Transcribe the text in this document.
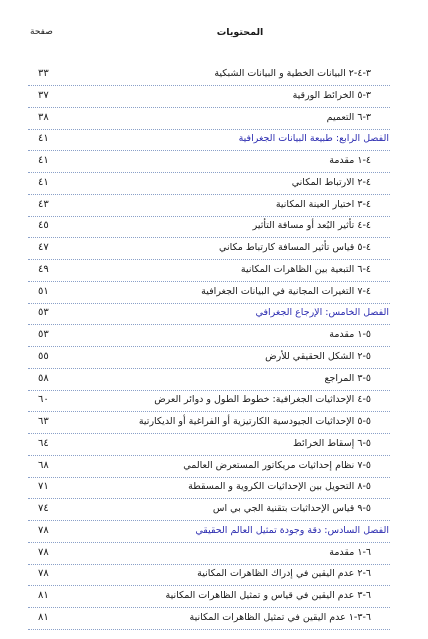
المحتويات
صفحة
٣٣	٣-٤-٢ البيانات الخطية و البيانات الشبكية
٣٧	٣-٥ الخرائط الورقية
٣٨	٣-٦ التعميم
٤١	الفصل الرابع: طبيعة البيانات الجغرافية
٤١	٤-١ مقدمة
٤١	٤-٢ الارتباط المكاني
٤٣	٤-٣ اختيار العينة المكانية
٤٥	٤-٤ تأثير البُعد أو مسافة التأثير
٤٧	٤-٥ قياس تأثير المسافة كارتباط مكاني
٤٩	٤-٦ التبعية بين الظاهرات المكانية
٥١	٤-٧ التغيرات المجانية في البيانات الجغرافية
٥٣	الفصل الخامس: الإرجاع الجغرافي
٥٣	٥-١ مقدمة
٥٥	٥-٢ الشكل الحقيقي للأرض
٥٨	٥-٣ المراجع
٦٠	٥-٤ الإحداثيات الجغرافية: خطوط الطول و دوائر العرض
٦٣	٥-٥ الإحداثيات الجيودسية الكارتيزية أو الفراغية أو الديكارتية
٦٤	٥-٦ إسقاط الخرائط
٦٨	٥-٧ نظام إحداثيات مريكاتور المستعرض العالمي
٧١	٥-٨ التحويل بين الإحداثيات الكروية و المسقطة
٧٤	٥-٩ قياس الإحداثيات بتقنية الجي بي اس
٧٨	الفصل السادس: دقة وجودة تمثيل العالم الحقيقي
٧٨	٦-١ مقدمة
٧٨	٦-٢ عدم اليقين في إدراك الظاهرات المكانية
٨١	٦-٣ عدم اليقين في قياس و تمثيل الظاهرات المكانية
٨١	٦-٣-١ عدم اليقين في تمثيل الظاهرات المكانية
